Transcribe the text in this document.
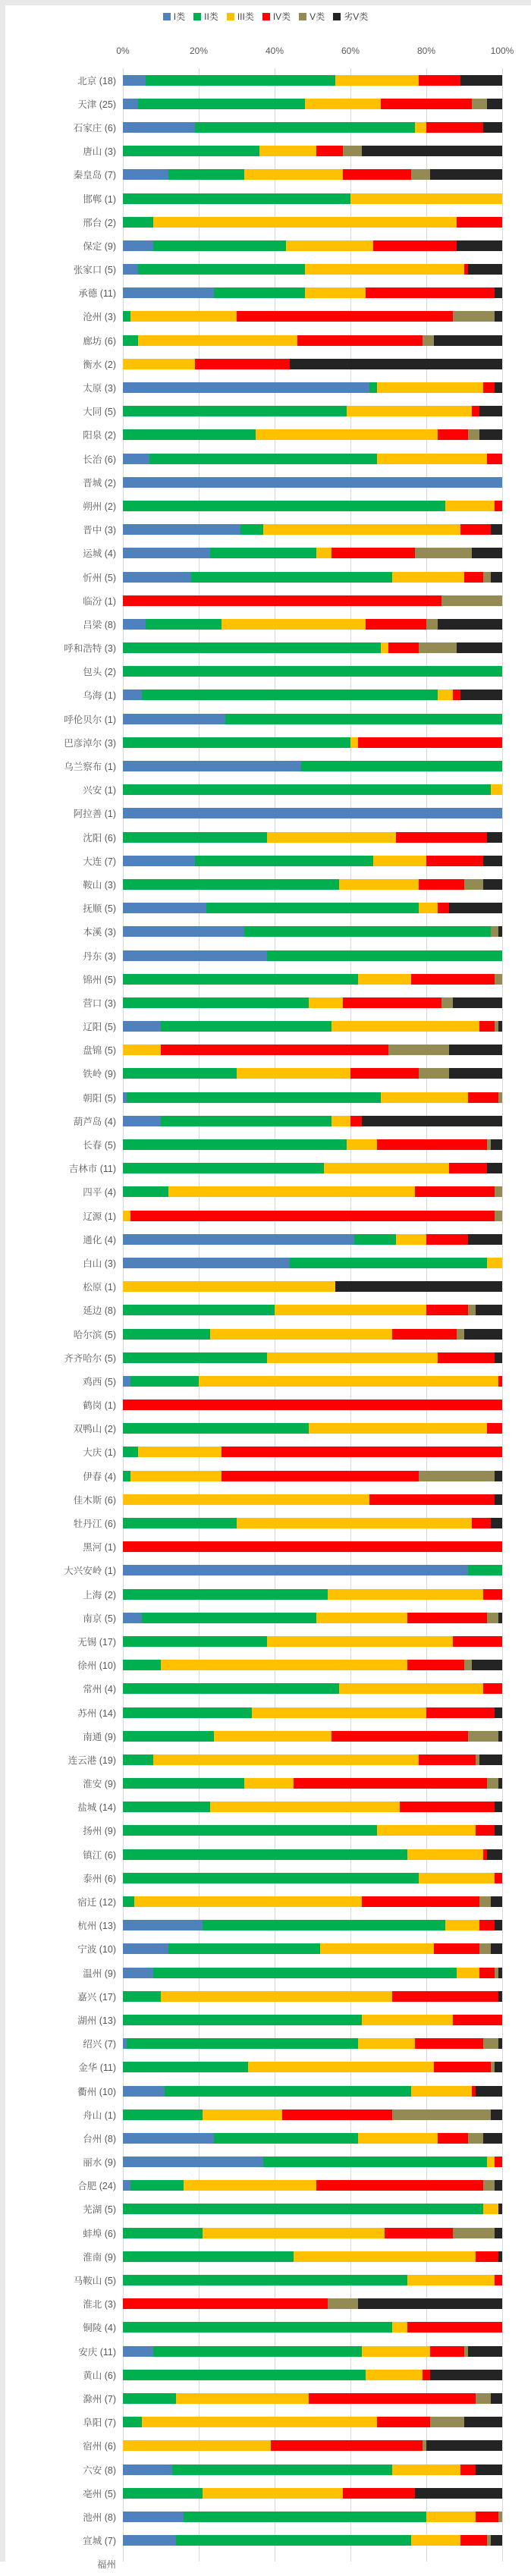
I类 II类 III类 IV类 V类 劣V类
0%	20%	40%	60%	80%	100%
北京 (18)
天津 (25)
石家庄 (6)
唐山 (3)
秦皇岛 (7)
邯郸 (1)
邢台 (2)
保定 (9)
张家口 (5)
承德 (11)
沧州 (3)
廊坊 (6)
衡水 (2)
太原 (3)
大同 (5)
阳泉 (2)
长治 (6)
晋城 (2)
朔州 (2)
晋中 (3)
运城 (4)
忻州 (5)
临汾 (1)
吕梁 (8)
呼和浩特 (3)
包头 (2)
乌海 (1)
呼伦贝尔 (1)
巴彦淖尔 (3)
乌兰察布 (1)
兴安 (1)
阿拉善 (1)
沈阳 (6)
大连 (7)
鞍山 (3)
抚顺 (5)
本溪 (3)
丹东 (3)
锦州 (5)
营口 (3)
辽阳 (5)
盘锦 (5)
铁岭 (9)
朝阳 (5)
葫芦岛 (4)
长春 (5)
吉林市 (11)
四平 (4)
辽源 (1)
通化 (4)
白山 (3)
松原 (1)
延边 (8)
哈尔滨 (5)
齐齐哈尔 (5)
鸡西 (5)
鹤岗 (1)
双鸭山 (2)
大庆 (1)
伊春 (4)
佳木斯 (6)
牡丹江 (6)
黑河 (1)
大兴安岭 (1)
上海 (2)
南京 (5)
无锡 (17)
徐州 (10)
常州 (4)
苏州 (14)
南通 (9)
连云港 (19)
淮安 (9)
盐城 (14)
扬州 (9)
镇江 (6)
泰州 (6)
宿迁 (12)
杭州 (13)
宁波 (10)
温州 (9)
嘉兴 (17)
湖州 (13)
绍兴 (7)
金华 (11)
衢州 (10)
舟山 (1)
台州 (8)
丽水 (9)
合肥 (24)
芜湖 (5)
蚌埠 (6)
淮南 (9)
马鞍山 (5)
淮北 (3)
铜陵 (4)
安庆 (11)
黄山 (6)
滁州 (7)
阜阳 (7)
宿州 (6)
六安 (8)
亳州 (5)
池州 (8)
宣城 (7)
福州
